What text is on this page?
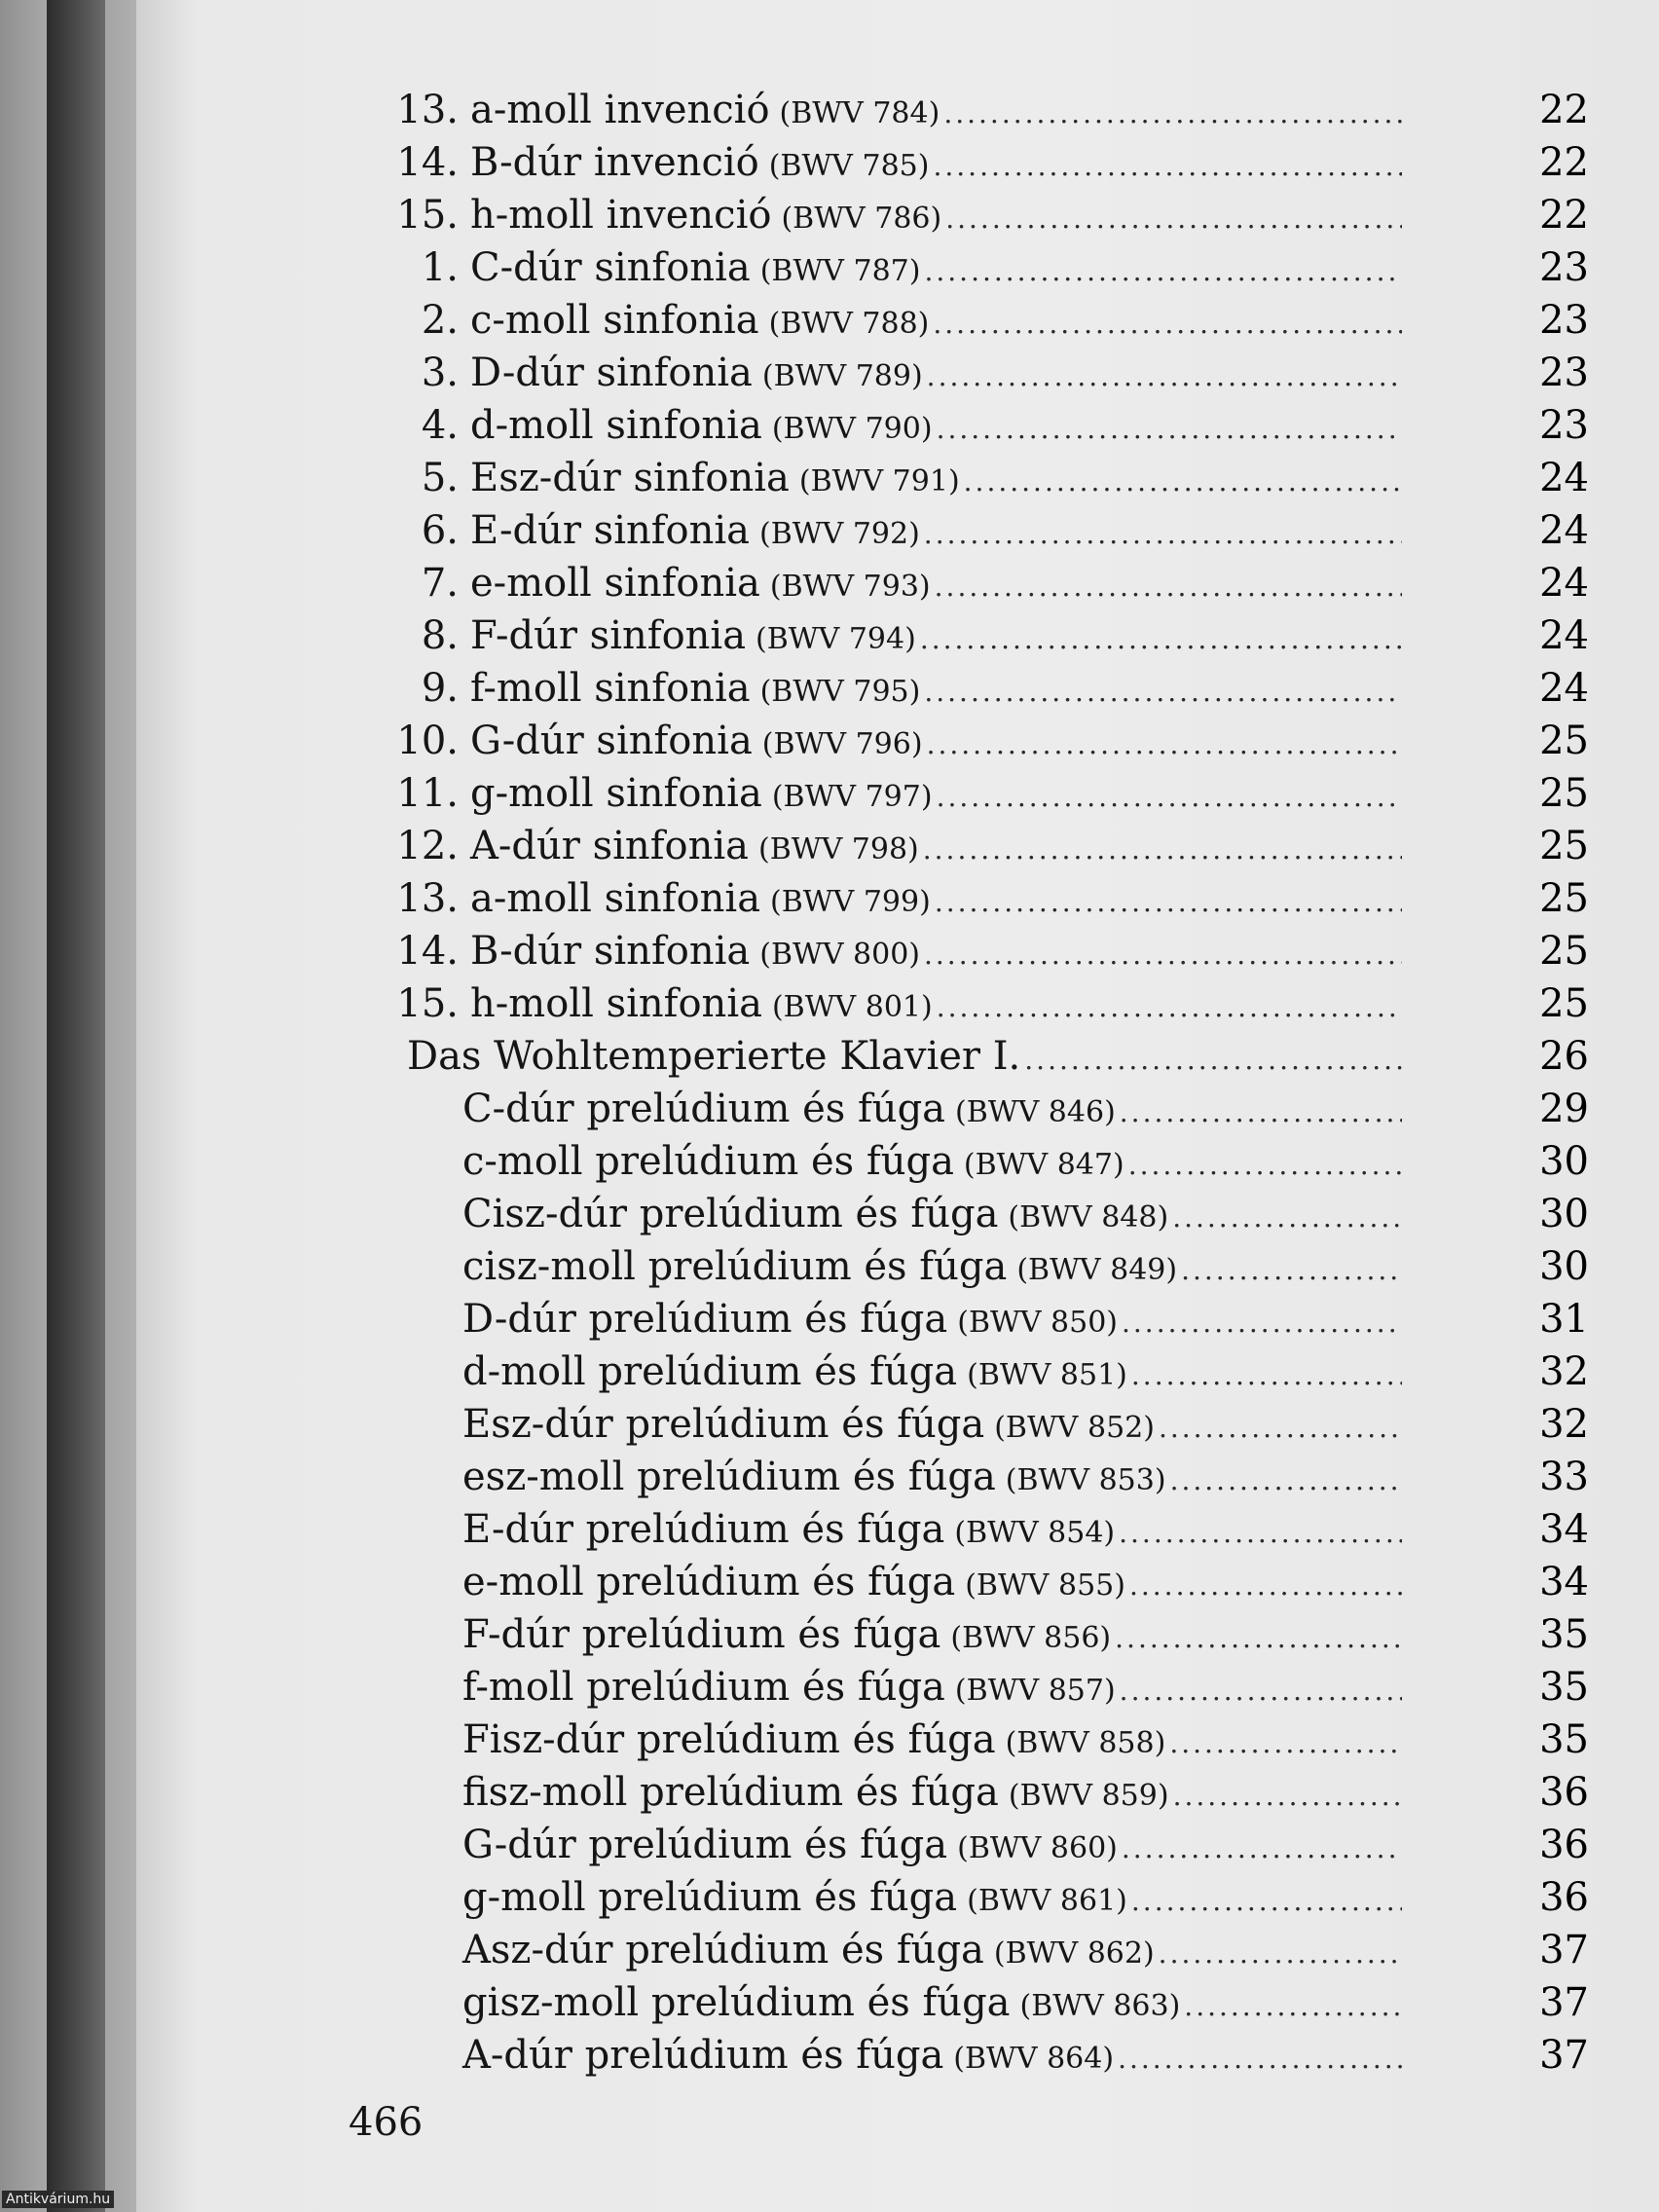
13. a-moll invenció (BWV 784) .....	22
14. B-dúr invenció (BWV 785) .....	22
15. h-moll invenció (BWV 786) .....	22
1. C-dúr sinfonia (BWV 787) .....	23
2. c-moll sinfonia (BWV 788) .....	23
3. D-dúr sinfonia (BWV 789) .....	23
4. d-moll sinfonia (BWV 790) .....	23
5. Esz-dúr sinfonia (BWV 791) .....	24
6. E-dúr sinfonia (BWV 792) .....	24
7. e-moll sinfonia (BWV 793) .....	24
8. F-dúr sinfonia (BWV 794) .....	24
9. f-moll sinfonia (BWV 795) .....	24
10. G-dúr sinfonia (BWV 796) .....	25
11. g-moll sinfonia (BWV 797) .....	25
12. A-dúr sinfonia (BWV 798) .....	25
13. a-moll sinfonia (BWV 799) .....	25
14. B-dúr sinfonia (BWV 800) .....	25
15. h-moll sinfonia (BWV 801) .....	25
Das Wohltemperierte Klavier I. .....	26
C-dúr prelúdium és fúga (BWV 846) .....	29
c-moll prelúdium és fúga (BWV 847) .....	30
Cisz-dúr prelúdium és fúga (BWV 848) .....	30
cisz-moll prelúdium és fúga (BWV 849) .....	30
D-dúr prelúdium és fúga (BWV 850) .....	31
d-moll prelúdium és fúga (BWV 851) .....	32
Esz-dúr prelúdium és fúga (BWV 852) .....	32
esz-moll prelúdium és fúga (BWV 853) .....	33
E-dúr prelúdium és fúga (BWV 854) .....	34
e-moll prelúdium és fúga (BWV 855) .....	34
F-dúr prelúdium és fúga (BWV 856) .....	35
f-moll prelúdium és fúga (BWV 857) .....	35
Fisz-dúr prelúdium és fúga (BWV 858) .....	35
fisz-moll prelúdium és fúga (BWV 859) .....	36
G-dúr prelúdium és fúga (BWV 860) .....	36
g-moll prelúdium és fúga (BWV 861) .....	36
Asz-dúr prelúdium és fúga (BWV 862) .....	37
gisz-moll prelúdium és fúga (BWV 863) .....	37
A-dúr prelúdium és fúga (BWV 864) .....	37
466
Antikvárium.hu
